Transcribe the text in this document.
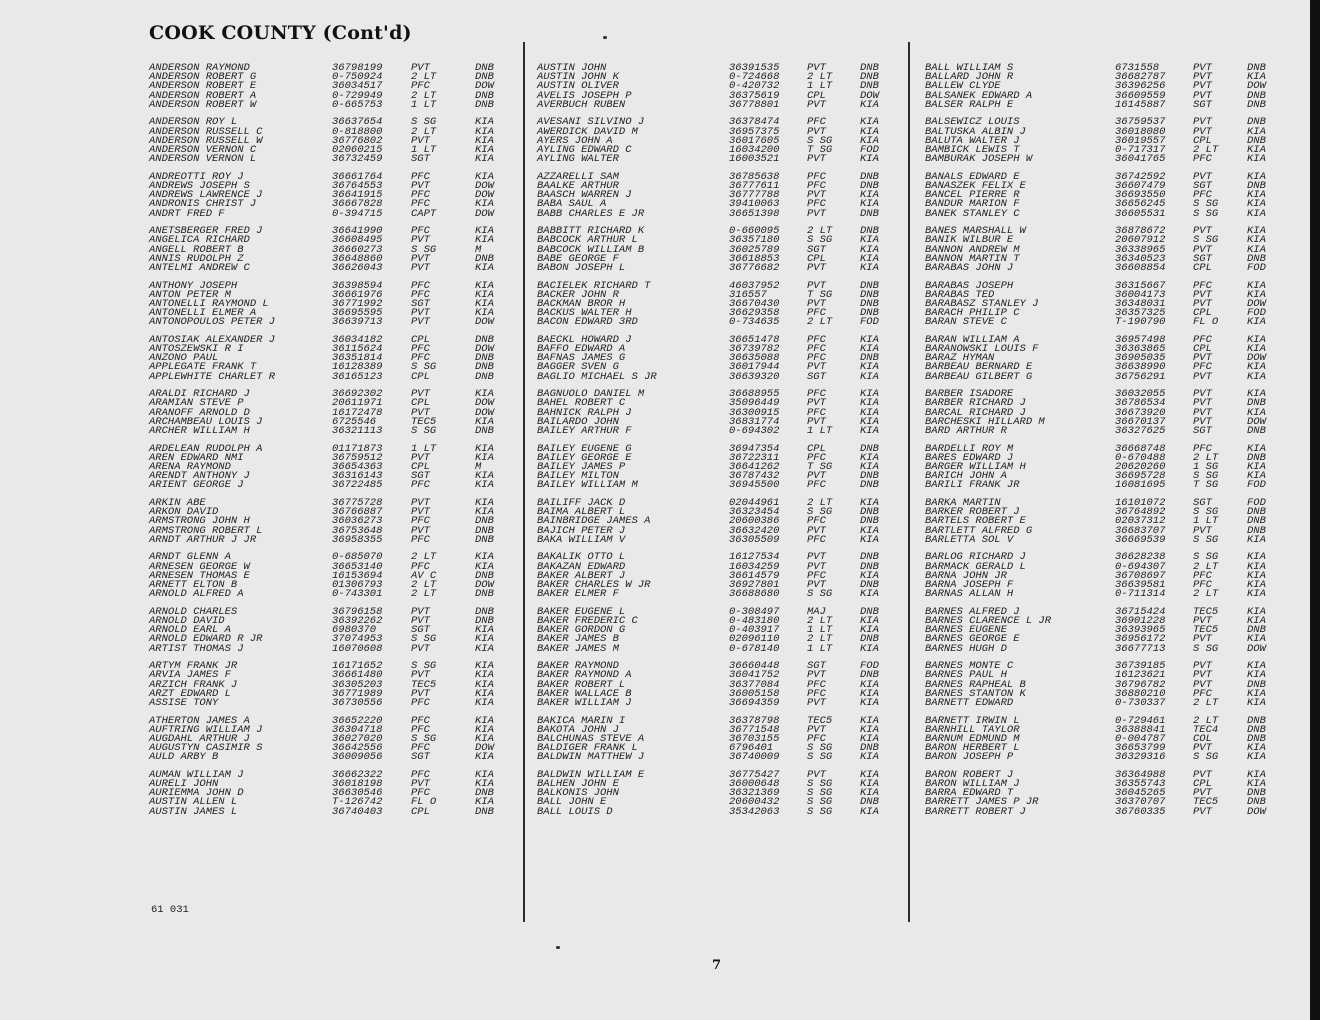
COOK COUNTY (Cont'd)
ANDERSON RAYMOND	36798199	PVT	DNB
ANDERSON ROBERT G	0-750924	2 LT	DNB
ANDERSON ROBERT E	36034517	PFC	DOW
ANDERSON ROBERT A	0-729949	2 LT	DNB
ANDERSON ROBERT W	0-665753	1 LT	DNB
ANDERSON ROY L	36637654	S SG	KIA
ANDERSON RUSSELL C	0-818800	2 LT	KIA
ANDERSON RUSSELL W	36776802	PVT	KIA
ANDERSON VERNON C	02060215	1 LT	KIA
ANDERSON VERNON L	36732459	SGT	KIA
ANDREOTTI ROY J	36661764	PFC	KIA
ANDREWS JOSEPH S	36764553	PVT	DOW
ANDREWS LAWRENCE J	36641915	PFC	DOW
ANDRONIS CHRIST J	36667828	PFC	KIA
ANDRT FRED F	0-394715	CAPT	DOW
ANETSBERGER FRED J	36641990	PFC	KIA
ANGELICA RICHARD	36608495	PVT	KIA
ANGELL ROBERT B	36660273	S SG	M
ANNIS RUDOLPH Z	36648860	PVT	DNB
ANTELMI ANDREW C	36626043	PVT	KIA
ANTHONY JOSEPH	36398594	PFC	KIA
ANTON PETER M	36661976	PFC	KIA
ANTONELLI RAYMOND L	36771992	SGT	KIA
ANTONELLI ELMER A	36695595	PVT	KIA
ANTONOPOULOS PETER J	36639713	PVT	DOW
ANTOSIAK ALEXANDER J	36034182	CPL	DNB
ANTOSZEWSKI R I	36115624	PFC	DOW
ANZONO PAUL	36351814	PFC	DNB
APPLEGATE FRANK T	16128389	S SG	DNB
APPLEWHITE CHARLET R	36165123	CPL	DNB
ARALDI RICHARD J	36692302	PVT	KIA
ARAMIAN STEVE P	20611971	CPL	DOW
ARANOFF ARNOLD D	16172478	PVT	DOW
ARCHAMBEAU LOUIS J	6725546	TEC5	KIA
ARCHER WILLIAM H	36321113	S SG	DNB
ARDELEAN RUDOLPH A	01171873	1 LT	KIA
AREN EDWARD NMI	36759512	PVT	KIA
ARENA RAYMOND	36654363	CPL	M
ARENDT ANTHONY J	36316143	SGT	KIA
ARIENT GEORGE J	36722485	PFC	KIA
ARKIN ABE	36775728	PVT	KIA
ARKON DAVID	36766887	PVT	KIA
ARMSTRONG JOHN H	36036273	PFC	DNB
ARMSTRONG ROBERT L	36753648	PVT	DNB
ARNDT ARTHUR J JR	36958355	PFC	DNB
ARNDT GLENN A	0-685070	2 LT	KIA
ARNESEN GEORGE W	36653140	PFC	KIA
ARNESEN THOMAS E	16153694	AV C	DNB
ARNETT ELTON B	01306793	2 LT	DOW
ARNOLD ALFRED A	0-743301	2 LT	DNB
ARNOLD CHARLES	36796158	PVT	DNB
ARNOLD DAVID	36392262	PVT	DNB
ARNOLD EARL A	6980370	SGT	KIA
ARNOLD EDWARD R JR	37074953	S SG	KIA
ARTIST THOMAS J	16070608	PVT	KIA
ARTYM FRANK JR	16171652	S SG	KIA
ARVIA JAMES F	36661480	PVT	KIA
ARZICH FRANK J	36305203	TEC5	KIA
ARZT EDWARD L	36771989	PVT	KIA
ASSISE TONY	36730556	PFC	KIA
ATHERTON JAMES A	36652220	PFC	KIA
AUFTRING WILLIAM J	36304718	PFC	KIA
AUGDAHL ARTHUR J	36027020	S SG	KIA
AUGUSTYN CASIMIR S	36642556	PFC	DOW
AULD ARBY B	36009056	SGT	KIA
AUMAN WILLIAM J	36662322	PFC	KIA
AURELI JOHN	36018198	PVT	KIA
AURIEMMA JOHN D	36630546	PFC	DNB
AUSTIN ALLEN L	T-126742	FL O	KIA
AUSTIN JAMES L	36740403	CPL	DNB
AUSTIN JOHN	36391535	PVT	DNB
AUSTIN JOHN K	0-724668	2 LT	DNB
AUSTIN OLIVER	0-420732	1 LT	DNB
AVELIS JOSEPH P	36375619	CPL	DOW
AVERBUCH RUBEN	36778801	PVT	KIA
AVESANI SILVINO J	36378474	PFC	KIA
AWERDICK DAVID M	36957375	PVT	KIA
AYERS JOHN A	36017605	S SG	KIA
AYLING EDWARD C	16034200	T SG	FOD
AYLING WALTER	16003521	PVT	KIA
AZZARELLI SAM	36785638	PFC	DNB
BAALKE ARTHUR	36777611	PFC	DNB
BAASCH WARREN J	36777788	PVT	KIA
BABA SAUL A	39410063	PFC	KIA
BABB CHARLES E JR	36651398	PVT	DNB
BABBITT RICHARD K	0-660095	2 LT	DNB
BABCOCK ARTHUR L	36357180	S SG	KIA
BABCOCK WILLIAM B	36025789	SGT	KIA
BABE GEORGE F	36618853	CPL	KIA
BABON JOSEPH L	36776682	PVT	KIA
BACIELEK RICHARD T	46037952	PVT	DNB
BACKER JOHN R	316557	T SG	DNB
BACKMAN BROR H	36670430	PVT	DNB
BACKUS WALTER H	36629358	PFC	DNB
BACON EDWARD 3RD	0-734635	2 LT	FOD
BAECKL HOWARD J	36651478	PFC	KIA
BAFFO EDWARD A	36739782	PFC	KIA
BAFNAS JAMES G	36635088	PFC	DNB
BAGGER SVEN G	36017944	PVT	KIA
BAGLIO MICHAEL S JR	36639320	SGT	KIA
BAGNUOLO DANIEL M	36688955	PFC	KIA
BAHEL ROBERT C	35096449	PVT	KIA
BAHNICK RALPH J	36300915	PFC	KIA
BAILARDO JOHN	36831774	PVT	KIA
BAILEY ARTHUR F	0-694302	1 LT	KIA
BAILEY EUGENE G	36947354	CPL	DNB
BAILEY GEORGE E	36722311	PFC	KIA
BAILEY JAMES P	36641262	T SG	KIA
BAILEY MILTON	36787432	PVT	DNB
BAILEY WILLIAM M	36945500	PFC	DNB
BAILIFF JACK D	02044961	2 LT	KIA
BAIMA ALBERT L	36323454	S SG	DNB
BAINBRIDGE JAMES A	20600386	PFC	DNB
BAJICH PETER J	36632420	PVT	KIA
BAKA WILLIAM V	36305509	PFC	KIA
BAKALIK OTTO L	16127534	PVT	DNB
BAKAZAN EDWARD	16034259	PVT	DNB
BAKER ALBERT J	36614579	PFC	KIA
BAKER CHARLES W JR	36927801	PVT	DNB
BAKER ELMER F	36688680	S SG	KIA
BAKER EUGENE L	0-308497	MAJ	DNB
BAKER FREDERIC C	0-483180	2 LT	KIA
BAKER GORDON G	0-403917	1 LT	KIA
BAKER JAMES B	02096110	2 LT	DNB
BAKER JAMES M	0-678140	1 LT	KIA
BAKER RAYMOND	36660448	SGT	FOD
BAKER RAYMOND A	36041752	PVT	DNB
BAKER ROBERT L	36377084	PFC	KIA
BAKER WALLACE B	36005158	PFC	KIA
BAKER WILLIAM J	36694359	PVT	KIA
BAKICA MARIN I	36378798	TEC5	KIA
BAKOTA JOHN J	36771548	PVT	KIA
BALCHUNAS STEVE A	36703155	PFC	KIA
BALDIGER FRANK L	6796401	S SG	DNB
BALDWIN MATTHEW J	36740009	S SG	KIA
BALDWIN WILLIAM E	36775427	PVT	KIA
BALHEN JOHN E	36000648	S SG	KIA
BALKONIS JOHN	36321369	S SG	KIA
BALL JOHN E	20600432	S SG	DNB
BALL LOUIS D	35342063	S SG	KIA
BALL WILLIAM S	6731558	PVT	DNB
BALLARD JOHN R	36682787	PVT	KIA
BALLEW CLYDE	36396256	PVT	DOW
BALSANEK EDWARD A	36609559	PVT	DNB
BALSER RALPH E	16145887	SGT	DNB
BALSEWICZ LOUIS	36759537	PVT	DNB
BALTUSKA ALBIN J	36018080	PVT	KIA
BALUTA WALTER J	36019557	CPL	DNB
BAMBICK LEWIS T	0-717317	2 LT	KIA
BAMBURAK JOSEPH W	36041765	PFC	KIA
BANALS EDWARD E	36742592	PVT	KIA
BANASZEK FELIX E	36607479	SGT	DNB
BANCEL PIERRE R	36693550	PFC	KIA
BANDUR MARION F	36656245	S SG	KIA
BANEK STANLEY C	36605531	S SG	KIA
BANES MARSHALL W	36878672	PVT	KIA
BANIK WILBUR E	20607912	S SG	KIA
BANNON ANDREW M	36338965	PVT	KIA
BANNON MARTIN T	36340523	SGT	DNB
BARABAS JOHN J	36608854	CPL	FOD
BARABAS JOSEPH	36315667	PFC	KIA
BARABAS TED	36004173	PVT	KIA
BARABASZ STANLEY J	36348031	PVT	DOW
BARACH PHILIP C	36357325	CPL	FOD
BARAN STEVE C	T-190790	FL O	KIA
BARAN WILLIAM A	36957498	PFC	KIA
BARANOWSKI LOUIS F	36363865	CPL	KIA
BARAZ HYMAN	36905035	PVT	DOW
BARBEAU BERNARD E	36638990	PFC	KIA
BARBEAU GILBERT G	36756291	PVT	KIA
BARBER ISADORE	36032055	PVT	KIA
BARBER RICHARD J	36786534	PVT	DNB
BARCAL RICHARD J	36673920	PVT	KIA
BARCHESKI HILLARD M	36670137	PVT	DOW
BARD ARTHUR R	36327625	SGT	DNB
BARDELLI ROY M	36668748	PFC	KIA
BARES EDWARD J	0-670488	2 LT	DNB
BARGER WILLIAM H	20620260	1 SG	KIA
BARICH JOHN A	36695728	S SG	KIA
BARILI FRANK JR	16081695	T SG	FOD
BARKA MARTIN	16101072	SGT	FOD
BARKER ROBERT J	36764892	S SG	DNB
BARTELS ROBERT E	02037312	1 LT	DNB
BARTLETT ALFRED G	36683707	PVT	DNB
BARLETTA SOL V	36669539	S SG	KIA
BARLOG RICHARD J	36628238	S SG	KIA
BARMACK GERALD L	0-694307	2 LT	KIA
BARNA JOHN JR	36708697	PFC	KIA
BARNA JOSEPH F	36639581	PFC	KIA
BARNAS ALLAN H	0-711314	2 LT	KIA
BARNES ALFRED J	36715424	TEC5	KIA
BARNES CLARENCE L JR	36901228	PVT	KIA
BARNES EUGENE	36393965	TEC5	DNB
BARNES GEORGE E	36956172	PVT	KIA
BARNES HUGH D	36677713	S SG	DOW
BARNES MONTE C	36739185	PVT	KIA
BARNES PAUL H	16123621	PVT	KIA
BARNES RAPHEAL B	36796782	PVT	DNB
BARNES STANTON K	36880210	PFC	KIA
BARNETT EDWARD	0-730337	2 LT	KIA
BARNETT IRWIN L	0-729461	2 LT	DNB
BARNHILL TAYLOR	36388841	TEC4	DNB
BARNUM EDMUND M	0-004787	COL	DNB
BARON HERBERT L	36653799	PVT	KIA
BARON JOSEPH P	36329316	S SG	KIA
BARON ROBERT J	36364988	PVT	KIA
BARON WILLIAM J	36355743	CPL	KIA
BARRA EDWARD T	36045265	PVT	DNB
BARRETT JAMES P JR	36370707	TEC5	DNB
BARRETT ROBERT J	36760335	PVT	DOW
61 031
7
